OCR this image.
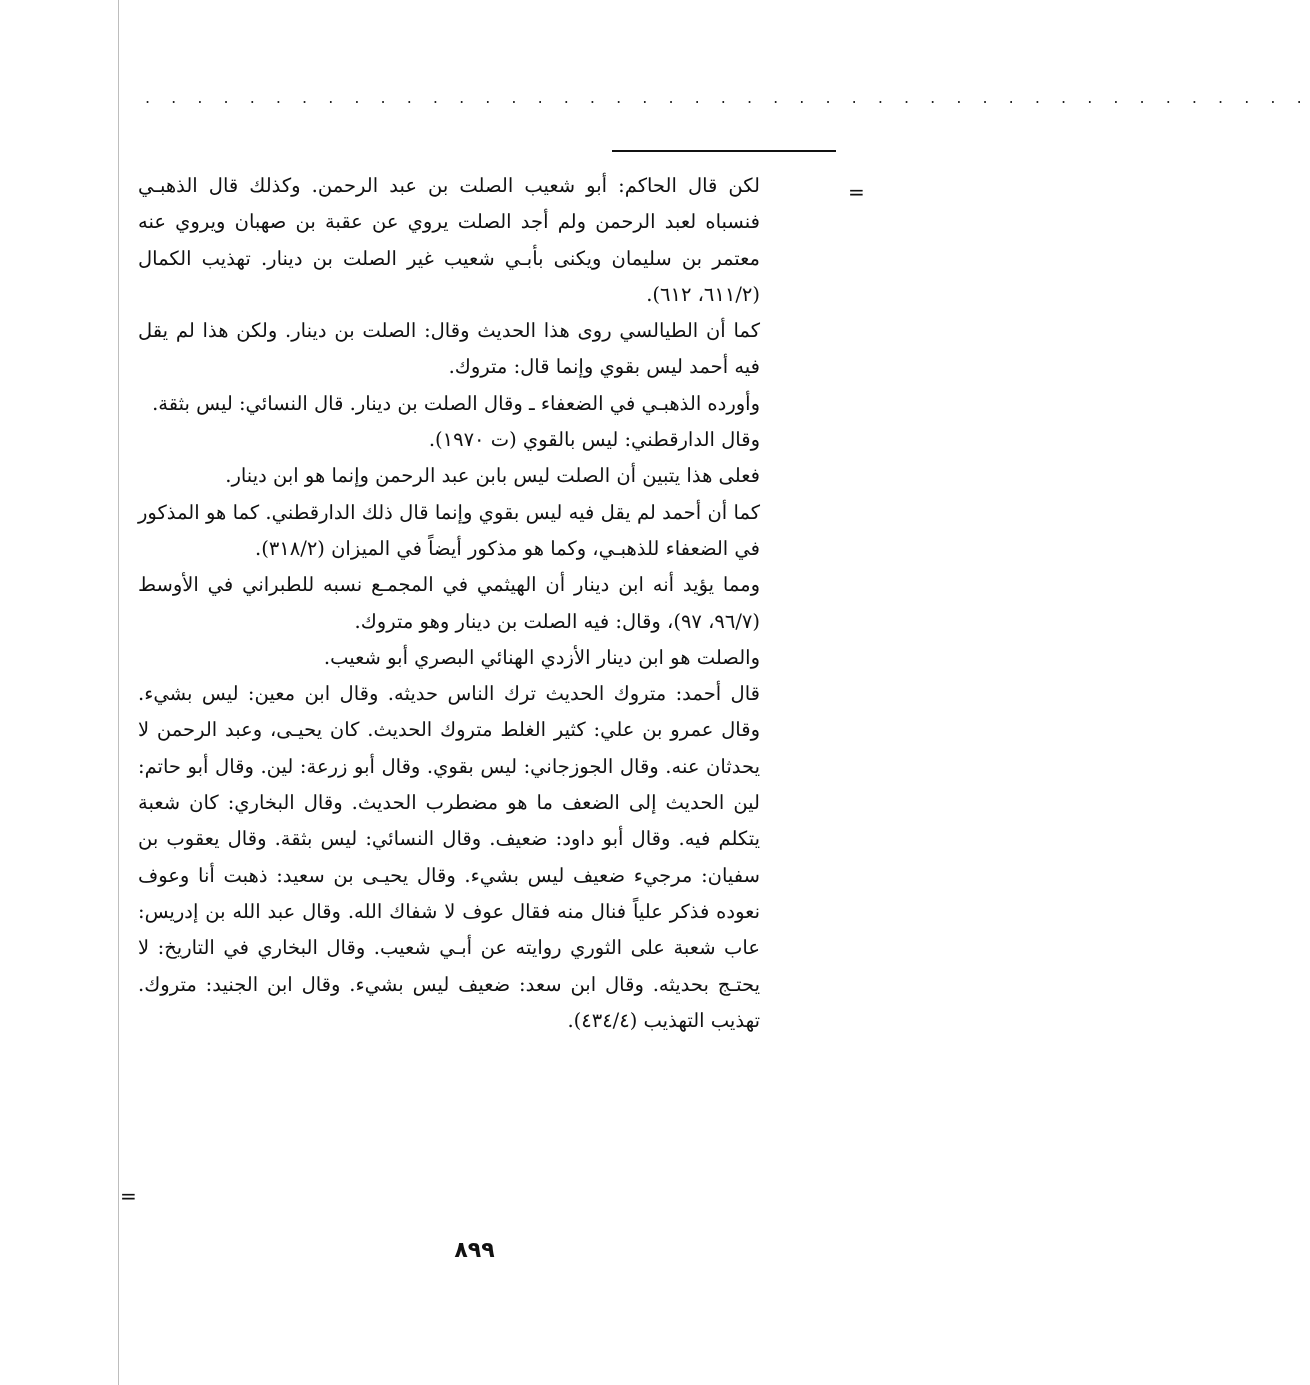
. . . . . . . . . . . . . . . . . . . . . . . . . . . . . . . . . . . . . . . . . . . . .
=
=

لكن قال الحاكم: أبو شعيب الصلت بن عبد الرحمن. وكذلك قال الذهبـي فنسباه لعبد الرحمن ولم أجد الصلت يروي عن عقبة بن صهبان ويروي عنه معتمر بن سليمان ويكنى بأبـي شعيب غير الصلت بن دينار. تهذيب الكمال (٦١١/٢، ٦١٢).

كما أن الطيالسي روى هذا الحديث وقال: الصلت بن دينار. ولكن هذا لم يقل فيه أحمد ليس بقوي وإنما قال: متروك.

وأورده الذهبـي في الضعفاء ـ وقال الصلت بن دينار. قال النسائي: ليس بثقة.

وقال الدارقطني: ليس بالقوي (ت ١٩٧٠).

فعلى هذا يتبين أن الصلت ليس بابن عبد الرحمن وإنما هو ابن دينار.

كما أن أحمد لم يقل فيه ليس بقوي وإنما قال ذلك الدارقطني. كما هو المذكور في الضعفاء للذهبـي، وكما هو مذكور أيضاً في الميزان (٣١٨/٢).

ومما يؤيد أنه ابن دينار أن الهيثمي في المجمـع نسبه للطبراني في الأوسط (٩٦/٧، ٩٧)، وقال: فيه الصلت بن دينار وهو متروك.

والصلت هو ابن دينار الأزدي الهنائي البصري أبو شعيب.

قال أحمد: متروك الحديث ترك الناس حديثه. وقال ابن معين: ليس بشيء. وقال عمرو بن علي: كثير الغلط متروك الحديث. كان يحيـى، وعبد الرحمن لا يحدثان عنه. وقال الجوزجاني: ليس بقوي. وقال أبو زرعة: لين. وقال أبو حاتم: لين الحديث إلى الضعف ما هو مضطرب الحديث. وقال البخاري: كان شعبة يتكلم فيه. وقال أبو داود: ضعيف. وقال النسائي: ليس بثقة. وقال يعقوب بن سفيان: مرجيء ضعيف ليس بشيء. وقال يحيـى بن سعيد: ذهبت أنا وعوف نعوده فذكر علياً فنال منه فقال عوف لا شفاك الله. وقال عبد الله بن إدريس: عاب شعبة على الثوري روايته عن أبـي شعيب. وقال البخاري في التاريخ: لا يحتـج بحديثه. وقال ابن سعد: ضعيف ليس بشيء. وقال ابن الجنيد: متروك. تهذيب التهذيب (٤٣٤/٤).

٨٩٩
